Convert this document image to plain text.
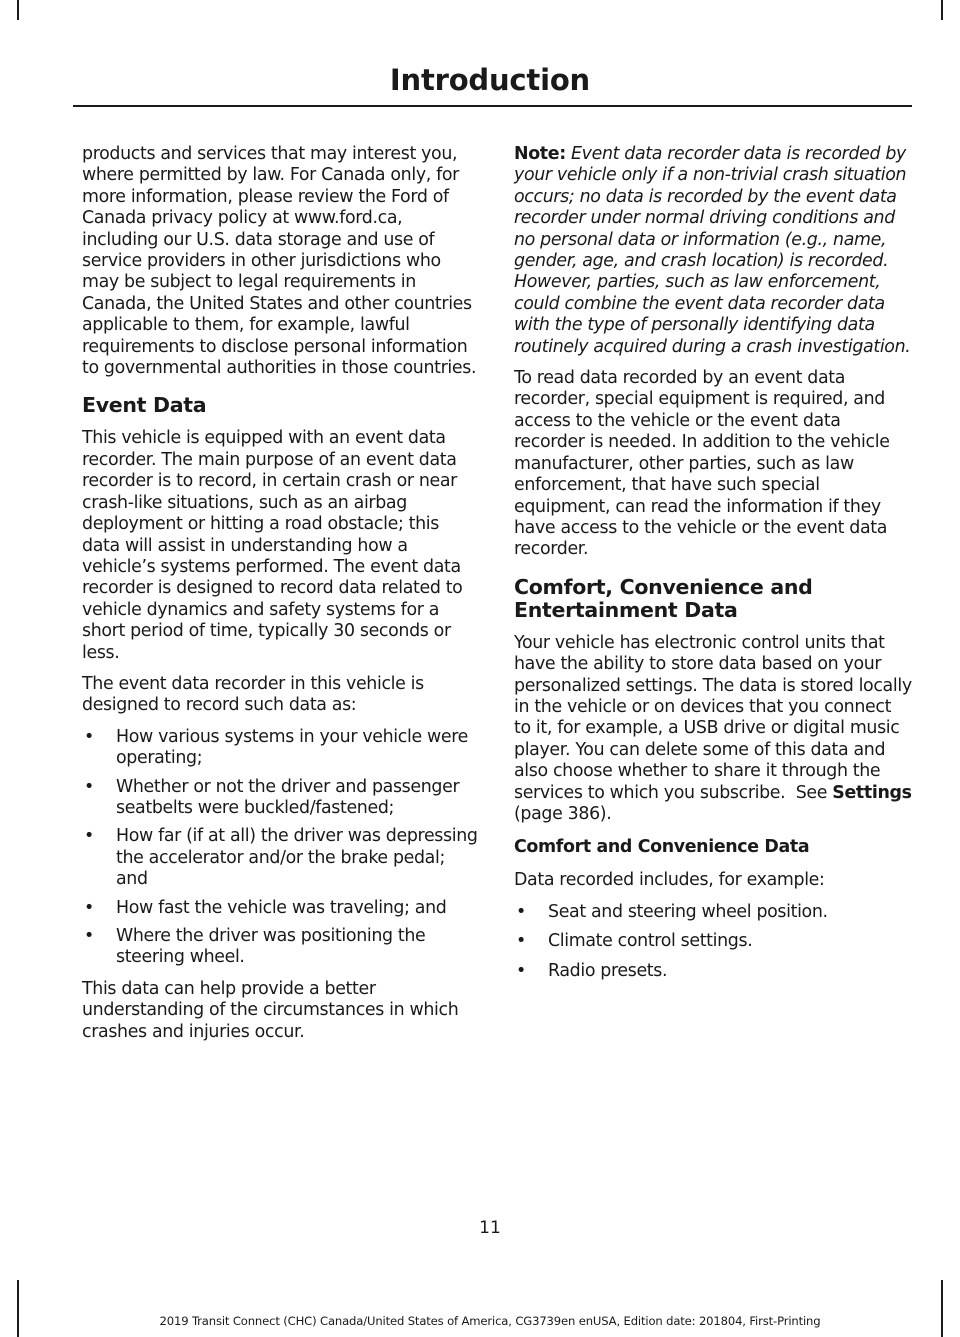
Introduction

products and services that may interest you, where permitted by law. For Canada only, for more information, please review the Ford of Canada privacy policy at www.ford.ca, including our U.S. data storage and use of service providers in other jurisdictions who may be subject to legal requirements in Canada, the United States and other countries applicable to them, for example, lawful requirements to disclose personal information to governmental authorities in those countries.

Event Data

This vehicle is equipped with an event data recorder. The main purpose of an event data recorder is to record, in certain crash or near crash-like situations, such as an airbag deployment or hitting a road obstacle; this data will assist in understanding how a vehicle’s systems performed. The event data recorder is designed to record data related to vehicle dynamics and safety systems for a short period of time, typically 30 seconds or less.

The event data recorder in this vehicle is designed to record such data as:

• How various systems in your vehicle were operating;
• Whether or not the driver and passenger seatbelts were buckled/fastened;
• How far (if at all) the driver was depressing the accelerator and/or the brake pedal; and
• How fast the vehicle was traveling; and
• Where the driver was positioning the steering wheel.

This data can help provide a better understanding of the circumstances in which crashes and injuries occur.

Note: Event data recorder data is recorded by your vehicle only if a non-trivial crash situation occurs; no data is recorded by the event data recorder under normal driving conditions and no personal data or information (e.g., name, gender, age, and crash location) is recorded. However, parties, such as law enforcement, could combine the event data recorder data with the type of personally identifying data routinely acquired during a crash investigation.

To read data recorded by an event data recorder, special equipment is required, and access to the vehicle or the event data recorder is needed. In addition to the vehicle manufacturer, other parties, such as law enforcement, that have such special equipment, can read the information if they have access to the vehicle or the event data recorder.

Comfort, Convenience and Entertainment Data

Your vehicle has electronic control units that have the ability to store data based on your personalized settings. The data is stored locally in the vehicle or on devices that you connect to it, for example, a USB drive or digital music player. You can delete some of this data and also choose whether to share it through the services to which you subscribe. See Settings (page 386).

Comfort and Convenience Data

Data recorded includes, for example:

• Seat and steering wheel position.
• Climate control settings.
• Radio presets.
11
2019 Transit Connect (CHC) Canada/United States of America, CG3739en enUSA, Edition date: 201804, First-Printing
